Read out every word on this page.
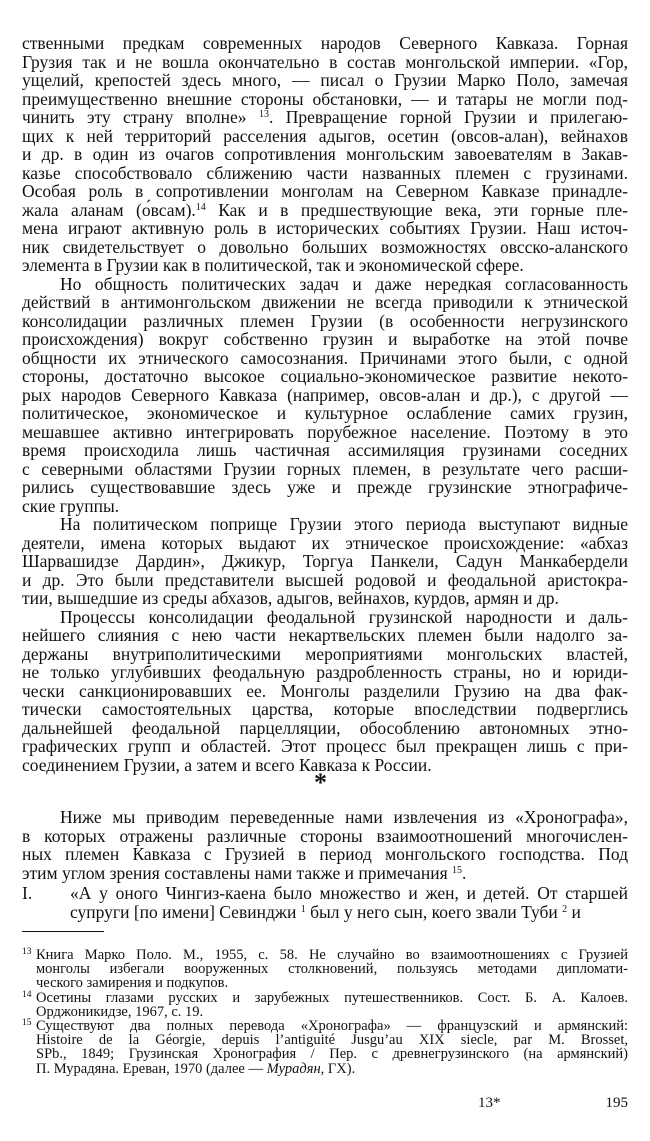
ственными предкам современных народов Северного Кавказа. Горная
Грузия так и не вошла окончательно в состав монгольской империи. «Гор,
ущелий, крепостей здесь много, — писал о Грузии Марко Поло, замечая
преимущественно внешние стороны обстановки, — и татары не могли под-
чинить эту страну вполне» $^{13}$. Превращение горной Грузии и прилегаю-
щих к ней территорий расселения адыгов, осетин (овсов-алан), вейнахов
и др. в один из очагов сопротивления монгольским завоевателям в Закав-
казье способствовало сближению части названных племен с грузинами.
Особая роль в сопротивлении монголам на Северном Кавказе принадле-
жала аланам (о́всам).$^{14}$ Как и в предшествующие века, эти горные пле-
мена играют активную роль в исторических событиях Грузии. Наш источ-
ник свидетельствует о довольно больших возможностях овсско-аланского
элемента в Грузии как в политической, так и экономической сфере.
Но общность политических задач и даже нередкая согласованность
действий в антимонгольском движении не всегда приводили к этнической
консолидации различных племен Грузии (в особенности негрузинского
происхождения) вокруг собственно грузин и выработке на этой почве
общности их этнического самосознания. Причинами этого были, с одной
стороны, достаточно высокое социально-экономическое развитие некото-
рых народов Северного Кавказа (например, овсов-алан и др.), с другой —
политическое, экономическое и культурное ослабление самих грузин,
мешавшее активно интегрировать порубежное население. Поэтому в это
время происходила лишь частичная ассимиляция грузинами соседних
с северными областями Грузии горных племен, в результате чего расши-
рились существовавшие здесь уже и прежде грузинские этнографиче-
ские группы.
На политическом поприще Грузии этого периода выступают видные
деятели, имена которых выдают их этническое происхождение: «абхаз
Шарвашидзе Дардин», Джикур, Торгуа Панкели, Садун Манкабердели
и др. Это были представители высшей родовой и феодальной аристокра-
тии, вышедшие из среды абхазов, адыгов, вейнахов, курдов, армян и др.
Процессы консолидации феодальной грузинской народности и даль-
нейшего слияния с нею части некартвельских племен были надолго за-
держаны внутриполитическими мероприятиями монгольских властей,
не только углубивших феодальную раздробленность страны, но и юриди-
чески санкционировавших ее. Монголы разделили Грузию на два фак-
тически самостоятельных царства, которые впоследствии подверглись
дальнейшей феодальной парцелляции, обособлению автономных этно-
графических групп и областей. Этот процесс был прекращен лишь с при-
соединением Грузии, а затем и всего Кавказа к России.
*
Ниже мы приводим переведенные нами извлечения из «Хронографа»,
в которых отражены различные стороны взаимоотношений многочислен-
ных племен Кавказа с Грузией в период монгольского господства. Под
этим углом зрения составлены нами также и примечания $^{15}$.
I. «А у оного Чингиз-каена было множество и жен, и детей. От старшей
супруги [по имени] Севинджи $^1$ был у него сын, коего звали Туби $^2$ и
13 Книга Марко Поло. М., 1955, с. 58. Не случайно во взаимоотношениях с Грузией
монголы избегали вооруженных столкновений, пользуясь методами дипломати-
ческого замирения и подкупов.
14 Осетины глазами русских и зарубежных путешественников. Сост. Б. А. Калоев.
Орджоникидзе, 1967, с. 19.
15 Существуют два полных перевода «Хронографа» — французский и армянский:
Histoire de la Géorgie, depuis l’antiguité Jusgu’au XIX siecle, par M. Brosset,
SPb., 1849; Грузинская Хронография / Пер. с древнегрузинского (на армянский)
П. Мурадяна. Ереван, 1970 (далее — Мурадян, ГХ).
13*	195
